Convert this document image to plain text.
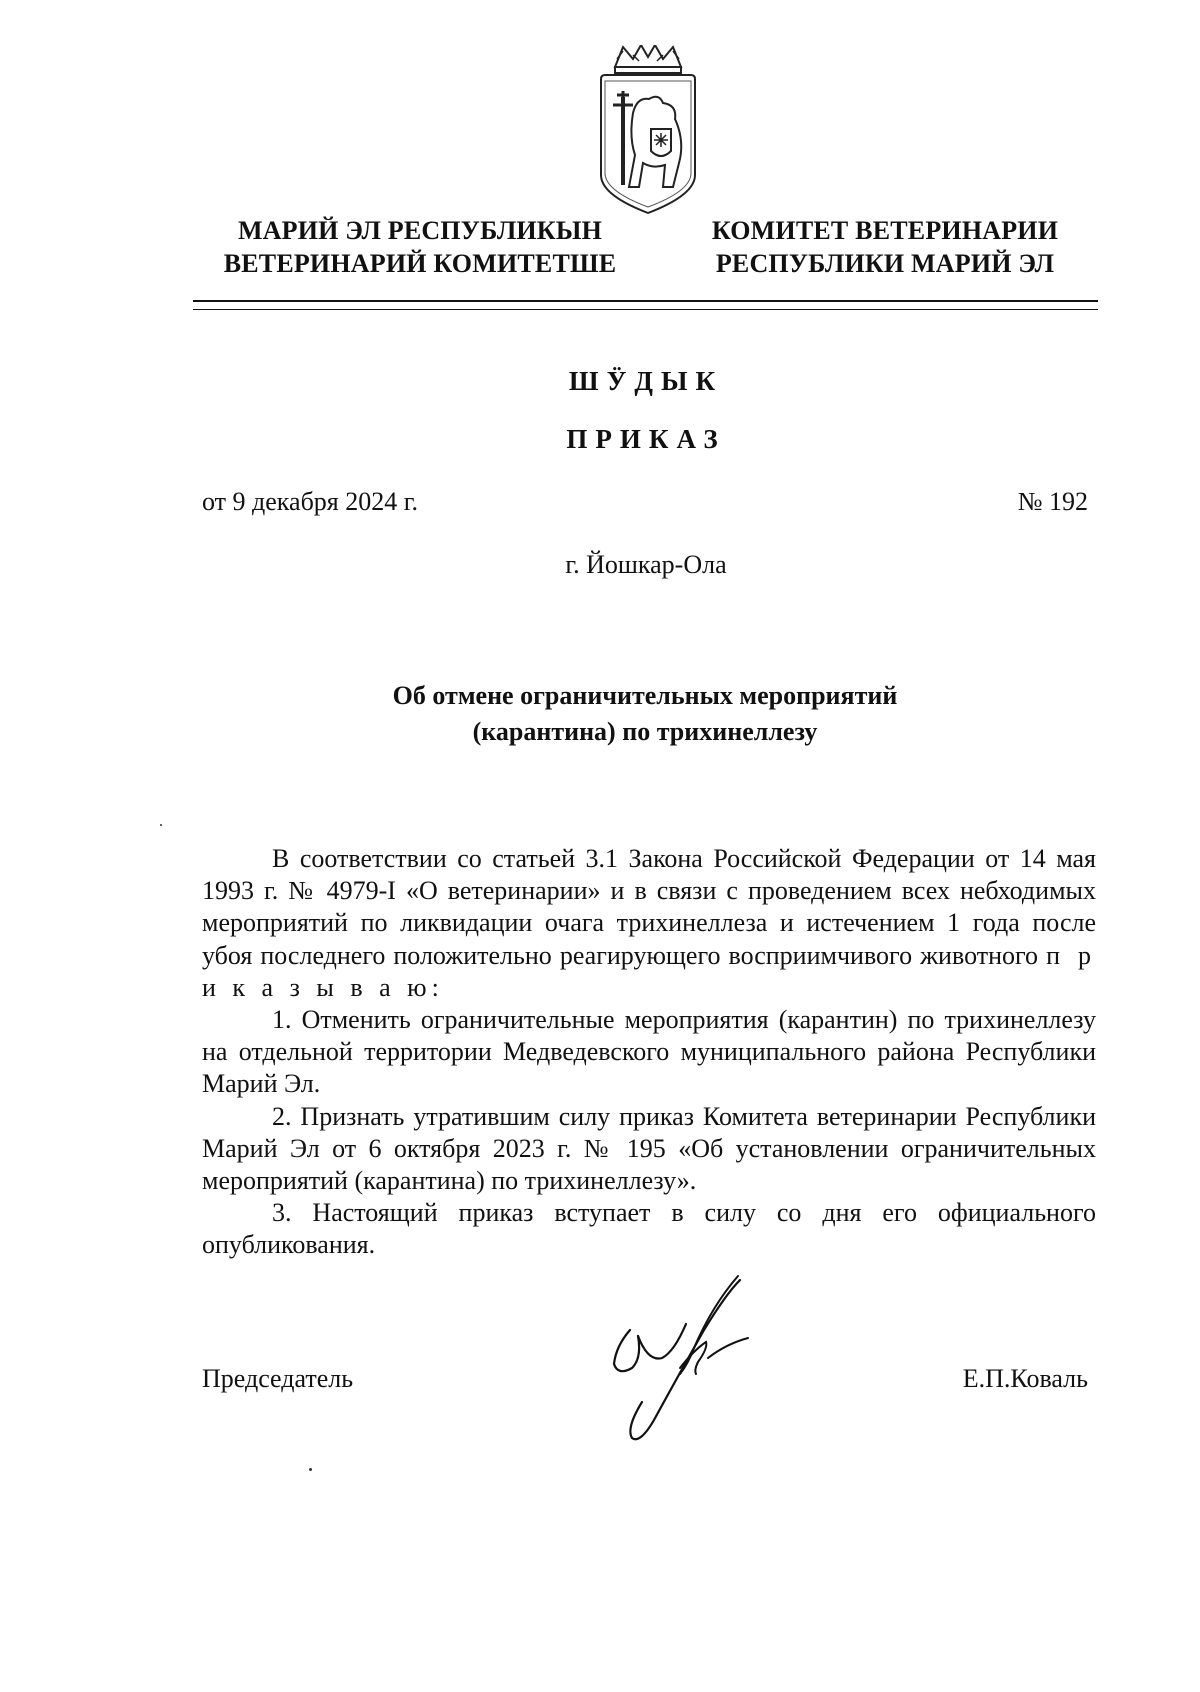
МАРИЙ ЭЛ РЕСПУБЛИКЫН
ВЕТЕРИНАРИЙ КОМИТЕТШЕ
КОМИТЕТ ВЕТЕРИНАРИИ
РЕСПУБЛИКИ МАРИЙ ЭЛ
ШӰДЫК
ПРИКАЗ
от 9 декабря 2024 г.	№ 192
г. Йошкар-Ола
Об отмене ограничительных мероприятий
(карантина) по трихинеллезу

В соответствии со статьей 3.1 Закона Российской Федерации от 14 мая 1993 г. № 4979-I «О ветеринарии» и в связи с проведением всех небходимых мероприятий по ликвидации очага трихинеллеза и истечением 1 года после убоя последнего положительно реагирующего восприимчивого животного п р и к а з ы в а ю:

1. Отменить ограничительные мероприятия (карантин) по трихинеллезу на отдельной территории Медведевского муниципального района Республики Марий Эл.

2. Признать утратившим силу приказ Комитета ветеринарии Республики Марий Эл от 6 октября 2023 г. № 195 «Об установлении ограничительных мероприятий (карантина) по трихинеллезу».

3. Настоящий приказ вступает в силу со дня его официального опубликования.

Председатель	Е.П.Коваль
